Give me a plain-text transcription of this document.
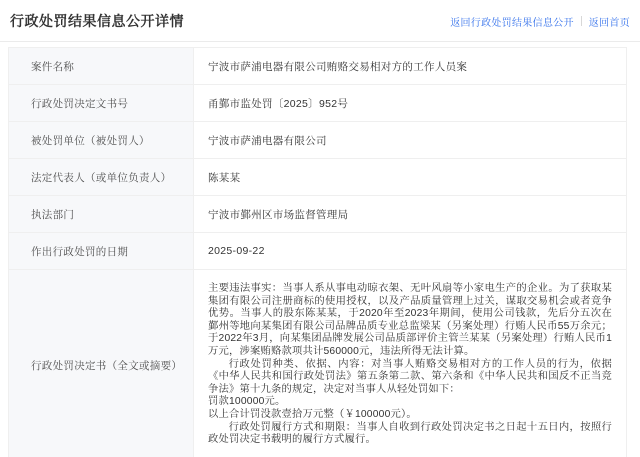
行政处罚结果信息公开详情	返回行政处罚结果信息公开 返回首页
案件名称	宁波市萨浦电器有限公司贿赂交易相对方的工作人员案
行政处罚决定文书号	甬鄞市监处罚〔2025〕952号
被处罚单位（被处罚人）	宁波市萨浦电器有限公司
法定代表人（或单位负责人）	陈某某
执法部门	宁波市鄞州区市场监督管理局
作出行政处罚的日期	2025-09-22
行政处罚决定书（全文或摘要）	主要违法事实：当事人系从事电动晾衣架、无叶风扇等小家电生产的企业。为了获取某集团有限公司注册商标的使用授权，以及产品质量管理上过关，谋取交易机会或者竞争优势。当事人的股东陈某某，于2020年至2023年期间，使用公司钱款，先后分五次在鄞州等地向某集团有限公司品牌品质专业总监梁某（另案处理）行贿人民币55万余元；于2022年3月，向某集团品牌发展公司品质部评价主管兰某某（另案处理）行贿人民币1万元，涉案贿赂款项共计560000元，违法所得无法计算。

行政处罚种类、依据、内容：对当事人贿赂交易相对方的工作人员的行为，依据《中华人民共和国行政处罚法》第五条第二款、第六条和《中华人民共和国反不正当竞争法》第十九条的规定，决定对当事人从轻处罚如下：

罚款100000元。

以上合计罚没款壹拾万元整（￥100000元）。

行政处罚履行方式和期限：当事人自收到行政处罚决定书之日起十五日内，按照行政处罚决定书载明的履行方式履行。
